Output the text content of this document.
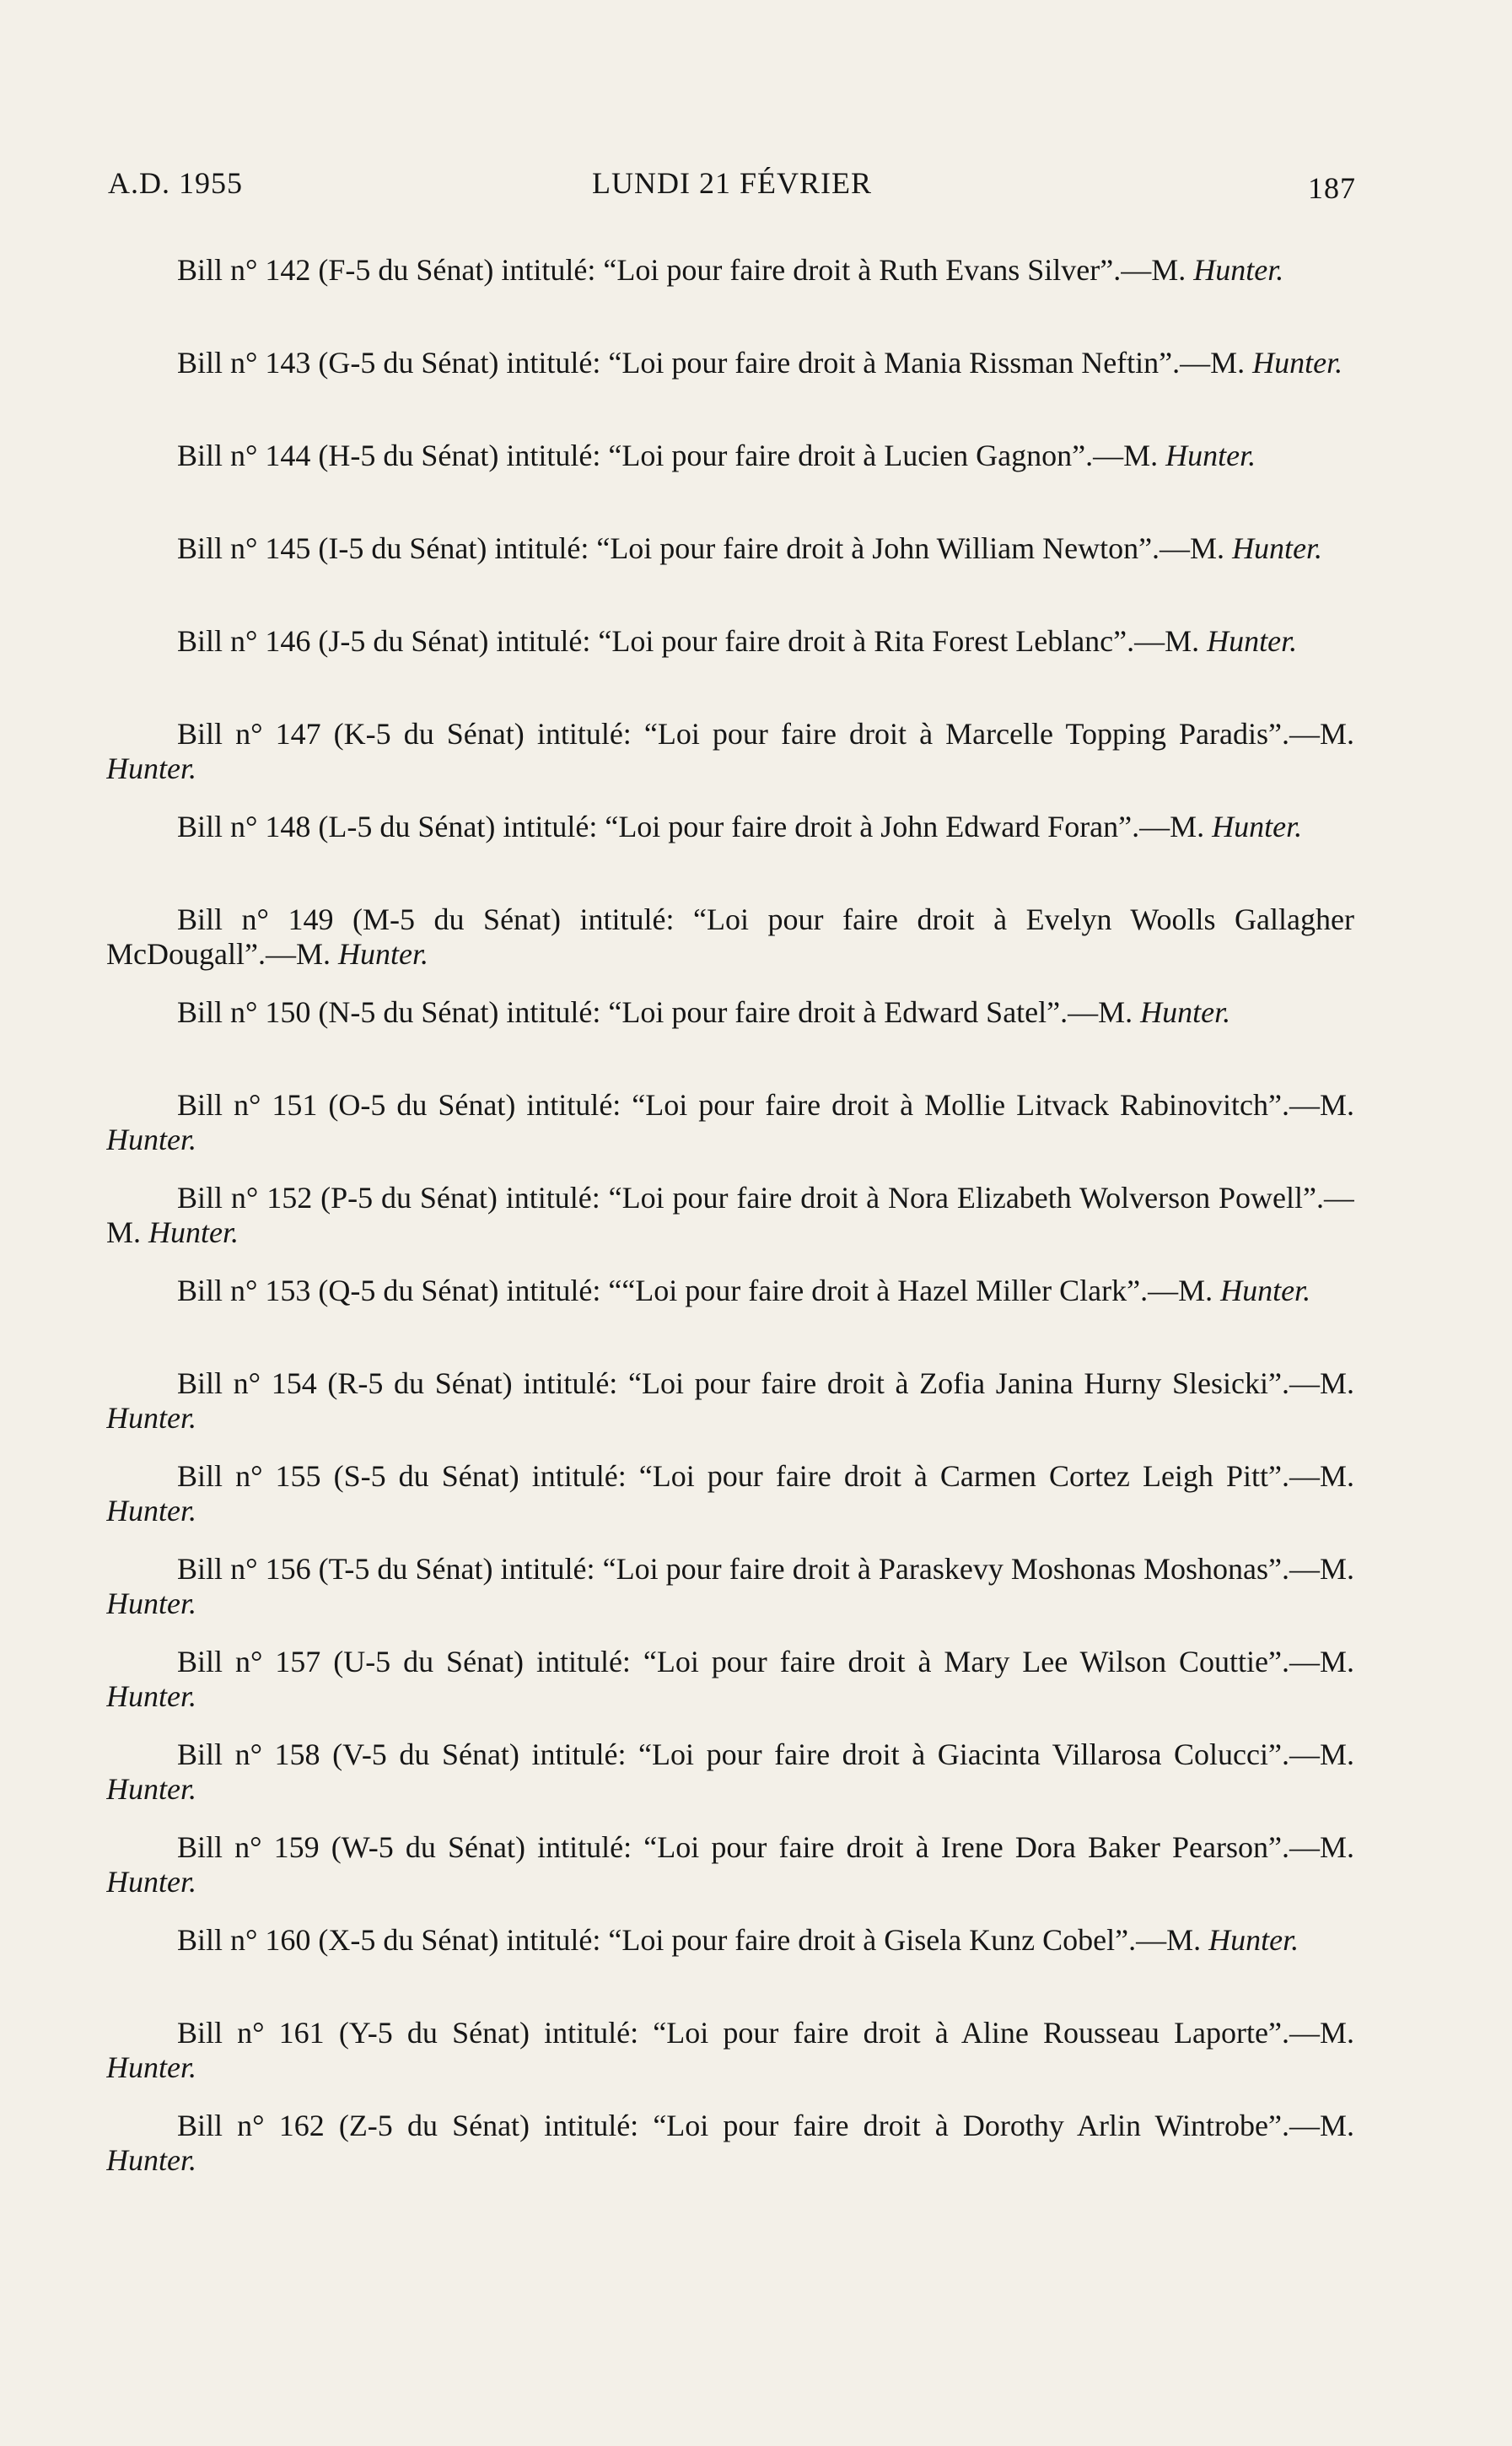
A.D. 1955	LUNDI 21 FÉVRIER	187

Bill n° 142 (F-5 du Sénat) intitulé: “Loi pour faire droit à Ruth Evans Silver”.—M. Hunter.

Bill n° 143 (G-5 du Sénat) intitulé: “Loi pour faire droit à Mania Rissman Neftin”.—M. Hunter.

Bill n° 144 (H-5 du Sénat) intitulé: “Loi pour faire droit à Lucien Gagnon”.—M. Hunter.

Bill n° 145 (I-5 du Sénat) intitulé: “Loi pour faire droit à John William Newton”.—M. Hunter.

Bill n° 146 (J-5 du Sénat) intitulé: “Loi pour faire droit à Rita Forest Leblanc”.—M. Hunter.

Bill n° 147 (K-5 du Sénat) intitulé: “Loi pour faire droit à Marcelle Topping Paradis”.—M. Hunter.

Bill n° 148 (L-5 du Sénat) intitulé: “Loi pour faire droit à John Edward Foran”.—M. Hunter.

Bill n° 149 (M-5 du Sénat) intitulé: “Loi pour faire droit à Evelyn Woolls Gallagher McDougall”.—M. Hunter.

Bill n° 150 (N-5 du Sénat) intitulé: “Loi pour faire droit à Edward Satel”.—M. Hunter.

Bill n° 151 (O-5 du Sénat) intitulé: “Loi pour faire droit à Mollie Litvack Rabinovitch”.—M. Hunter.

Bill n° 152 (P-5 du Sénat) intitulé: “Loi pour faire droit à Nora Elizabeth Wolverson Powell”.—M. Hunter.

Bill n° 153 (Q-5 du Sénat) intitulé: ““Loi pour faire droit à Hazel Miller Clark”.—M. Hunter.

Bill n° 154 (R-5 du Sénat) intitulé: “Loi pour faire droit à Zofia Janina Hurny Slesicki”.—M. Hunter.

Bill n° 155 (S-5 du Sénat) intitulé: “Loi pour faire droit à Carmen Cortez Leigh Pitt”.—M. Hunter.

Bill n° 156 (T-5 du Sénat) intitulé: “Loi pour faire droit à Paraskevy Moshonas Moshonas”.—M. Hunter.

Bill n° 157 (U-5 du Sénat) intitulé: “Loi pour faire droit à Mary Lee Wilson Couttie”.—M. Hunter.

Bill n° 158 (V-5 du Sénat) intitulé: “Loi pour faire droit à Giacinta Villarosa Colucci”.—M. Hunter.

Bill n° 159 (W-5 du Sénat) intitulé: “Loi pour faire droit à Irene Dora Baker Pearson”.—M. Hunter.

Bill n° 160 (X-5 du Sénat) intitulé: “Loi pour faire droit à Gisela Kunz Cobel”.—M. Hunter.

Bill n° 161 (Y-5 du Sénat) intitulé: “Loi pour faire droit à Aline Rousseau Laporte”.—M. Hunter.

Bill n° 162 (Z-5 du Sénat) intitulé: “Loi pour faire droit à Dorothy Arlin Wintrobe”.—M. Hunter.
